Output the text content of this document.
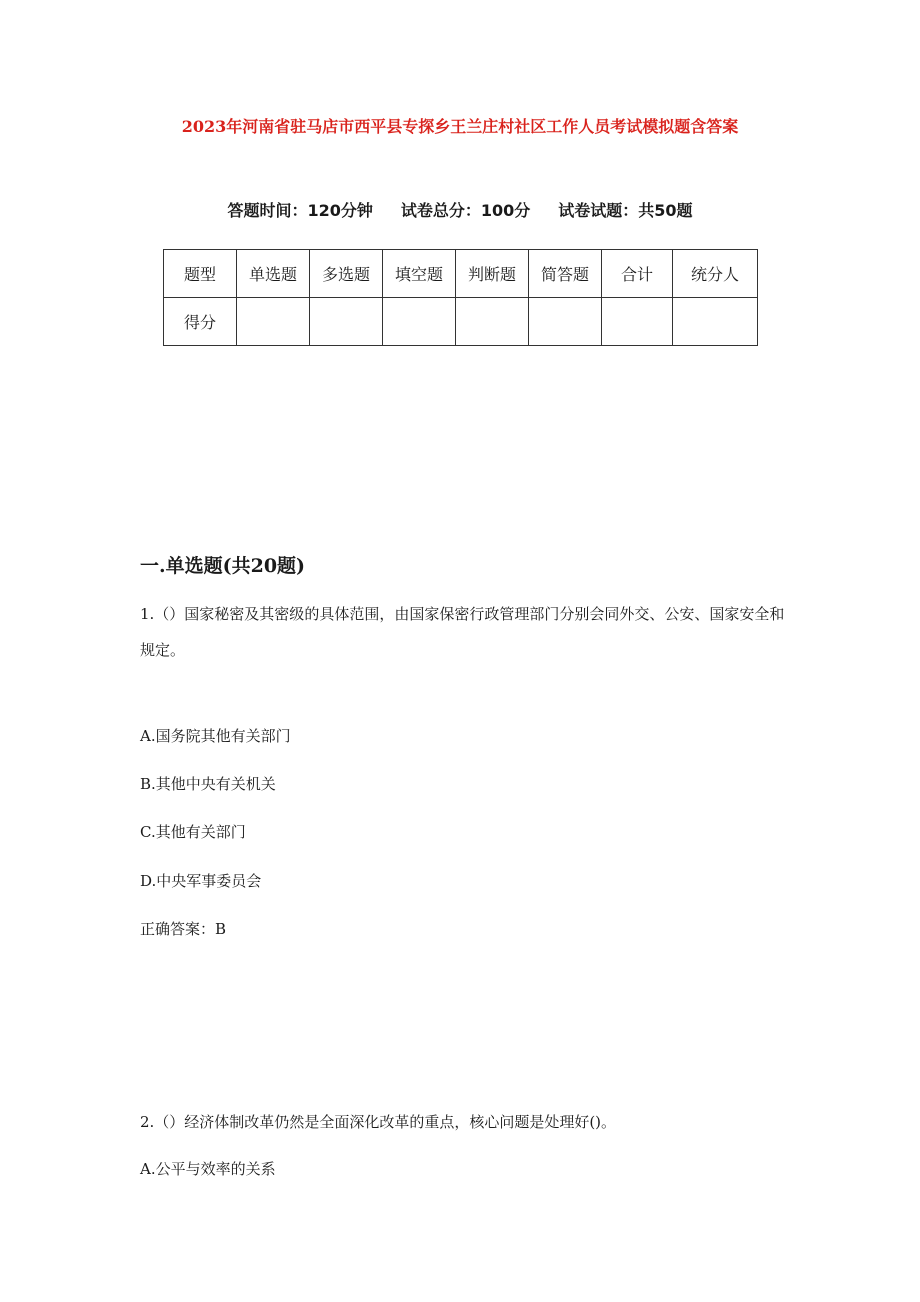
2023年河南省驻马店市西平县专探乡王兰庄村社区工作人员考试模拟题含答案
答题时间：120分钟 试卷总分：100分 试卷试题：共50题
题型	单选题	多选题	填空题	判断题	简答题	合计	统分人
得分							
一.单选题(共20题)
1.（）国家秘密及其密级的具体范围，由国家保密行政管理部门分别会同外交、公安、国家安全和规定。
A.国务院其他有关部门
B.其他中央有关机关
C.其他有关部门
D.中央军事委员会
正确答案：B
2.（）经济体制改革仍然是全面深化改革的重点，核心问题是处理好()。
A.公平与效率的关系
